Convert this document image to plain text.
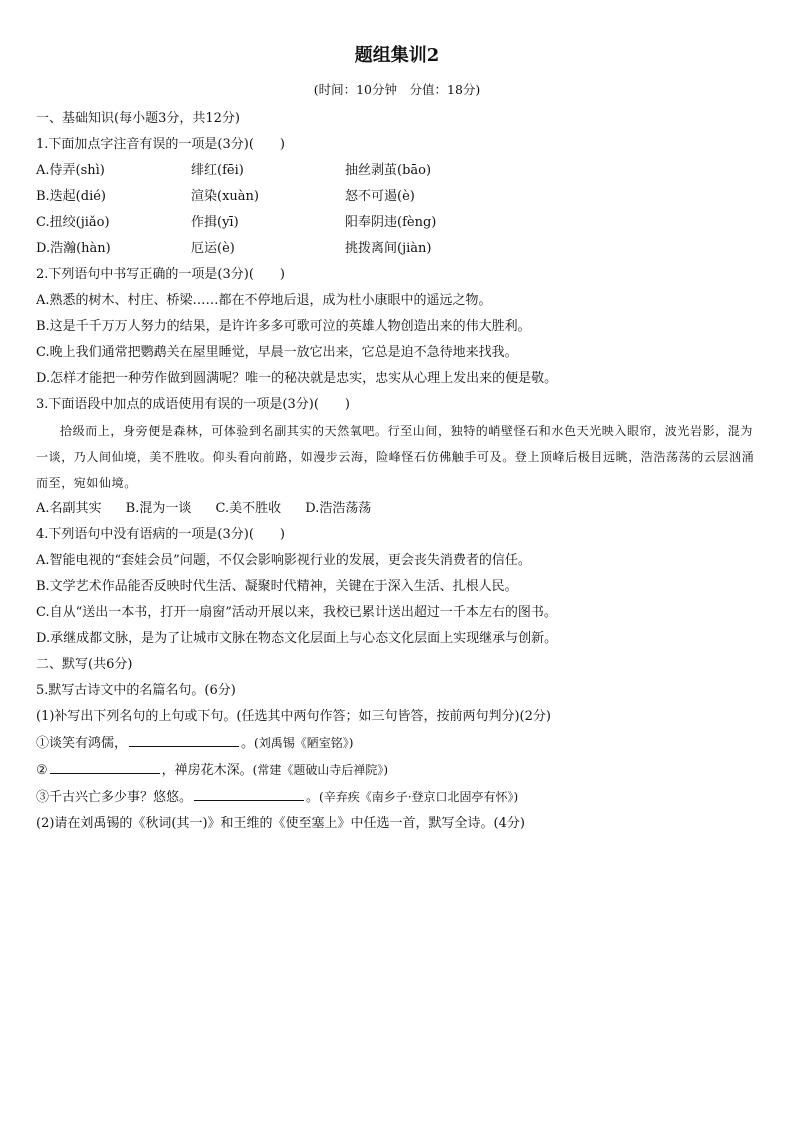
题组集训2
(时间：10分钟　分值：18分)
一、基础知识(每小题3分，共12分)
1.下面加点字注音有误的一项是(3分)(　　)
A.侍弄(shì)	绯红(fēi)	抽丝剥茧(bāo)
B.迭起(dié)	渲染(xuàn)	怒不可遏(è)
C.扭绞(jiǎo)	作揖(yī)	阳奉阴违(fèng)
D.浩瀚(hàn)	厄运(è)	挑拨离间(jiàn)
2.下列语句中书写正确的一项是(3分)(　　)
A.熟悉的树木、村庄、桥梁……都在不停地后退，成为杜小康眼中的遥远之物。
B.这是千千万万人努力的结果，是许许多多可歌可泣的英雄人物创造出来的伟大胜利。
C.晚上我们通常把鹦鹉关在屋里睡觉，早晨一放它出来，它总是迫不急待地来找我。
D.怎样才能把一种劳作做到圆满呢？唯一的秘决就是忠实，忠实从心理上发出来的便是敬。
3.下面语段中加点的成语使用有误的一项是(3分)(　　)

拾级而上，身旁便是森林，可体验到名副其实的天然氧吧。行至山间，独特的峭壁怪石和水色天光映入眼帘，波光岩影，混为一谈，乃人间仙境，美不胜收。仰头看向前路，如漫步云海，险峰怪石仿佛触手可及。登上顶峰后极目远眺，浩浩荡荡的云层汹涌而至，宛如仙境。

A.名副其实 B.混为一谈 C.美不胜收 D.浩浩荡荡
4.下列语句中没有语病的一项是(3分)(　　)
A.智能电视的“套娃会员”问题，不仅会影响影视行业的发展，更会丧失消费者的信任。
B.文学艺术作品能否反映时代生活、凝聚时代精神，关键在于深入生活、扎根人民。
C.自从“送出一本书，打开一扇窗”活动开展以来，我校已累计送出超过一千本左右的图书。
D.承继成都文脉，是为了让城市文脉在物态文化层面上与心态文化层面上实现继承与创新。
二、默写(共6分)
5.默写古诗文中的名篇名句。(6分)
(1)补写出下列名句的上句或下句。(任选其中两句作答；如三句皆答，按前两句判分)(2分)
①谈笑有鸿儒，	。(刘禹锡《陋室铭》)
②	，禅房花木深。(常建《题破山寺后禅院》)
③千古兴亡多少事？悠悠。	。(辛弃疾《南乡子·登京口北固亭有怀》)
(2)请在刘禹锡的《秋词(其一)》和王维的《使至塞上》中任选一首，默写全诗。(4分)
